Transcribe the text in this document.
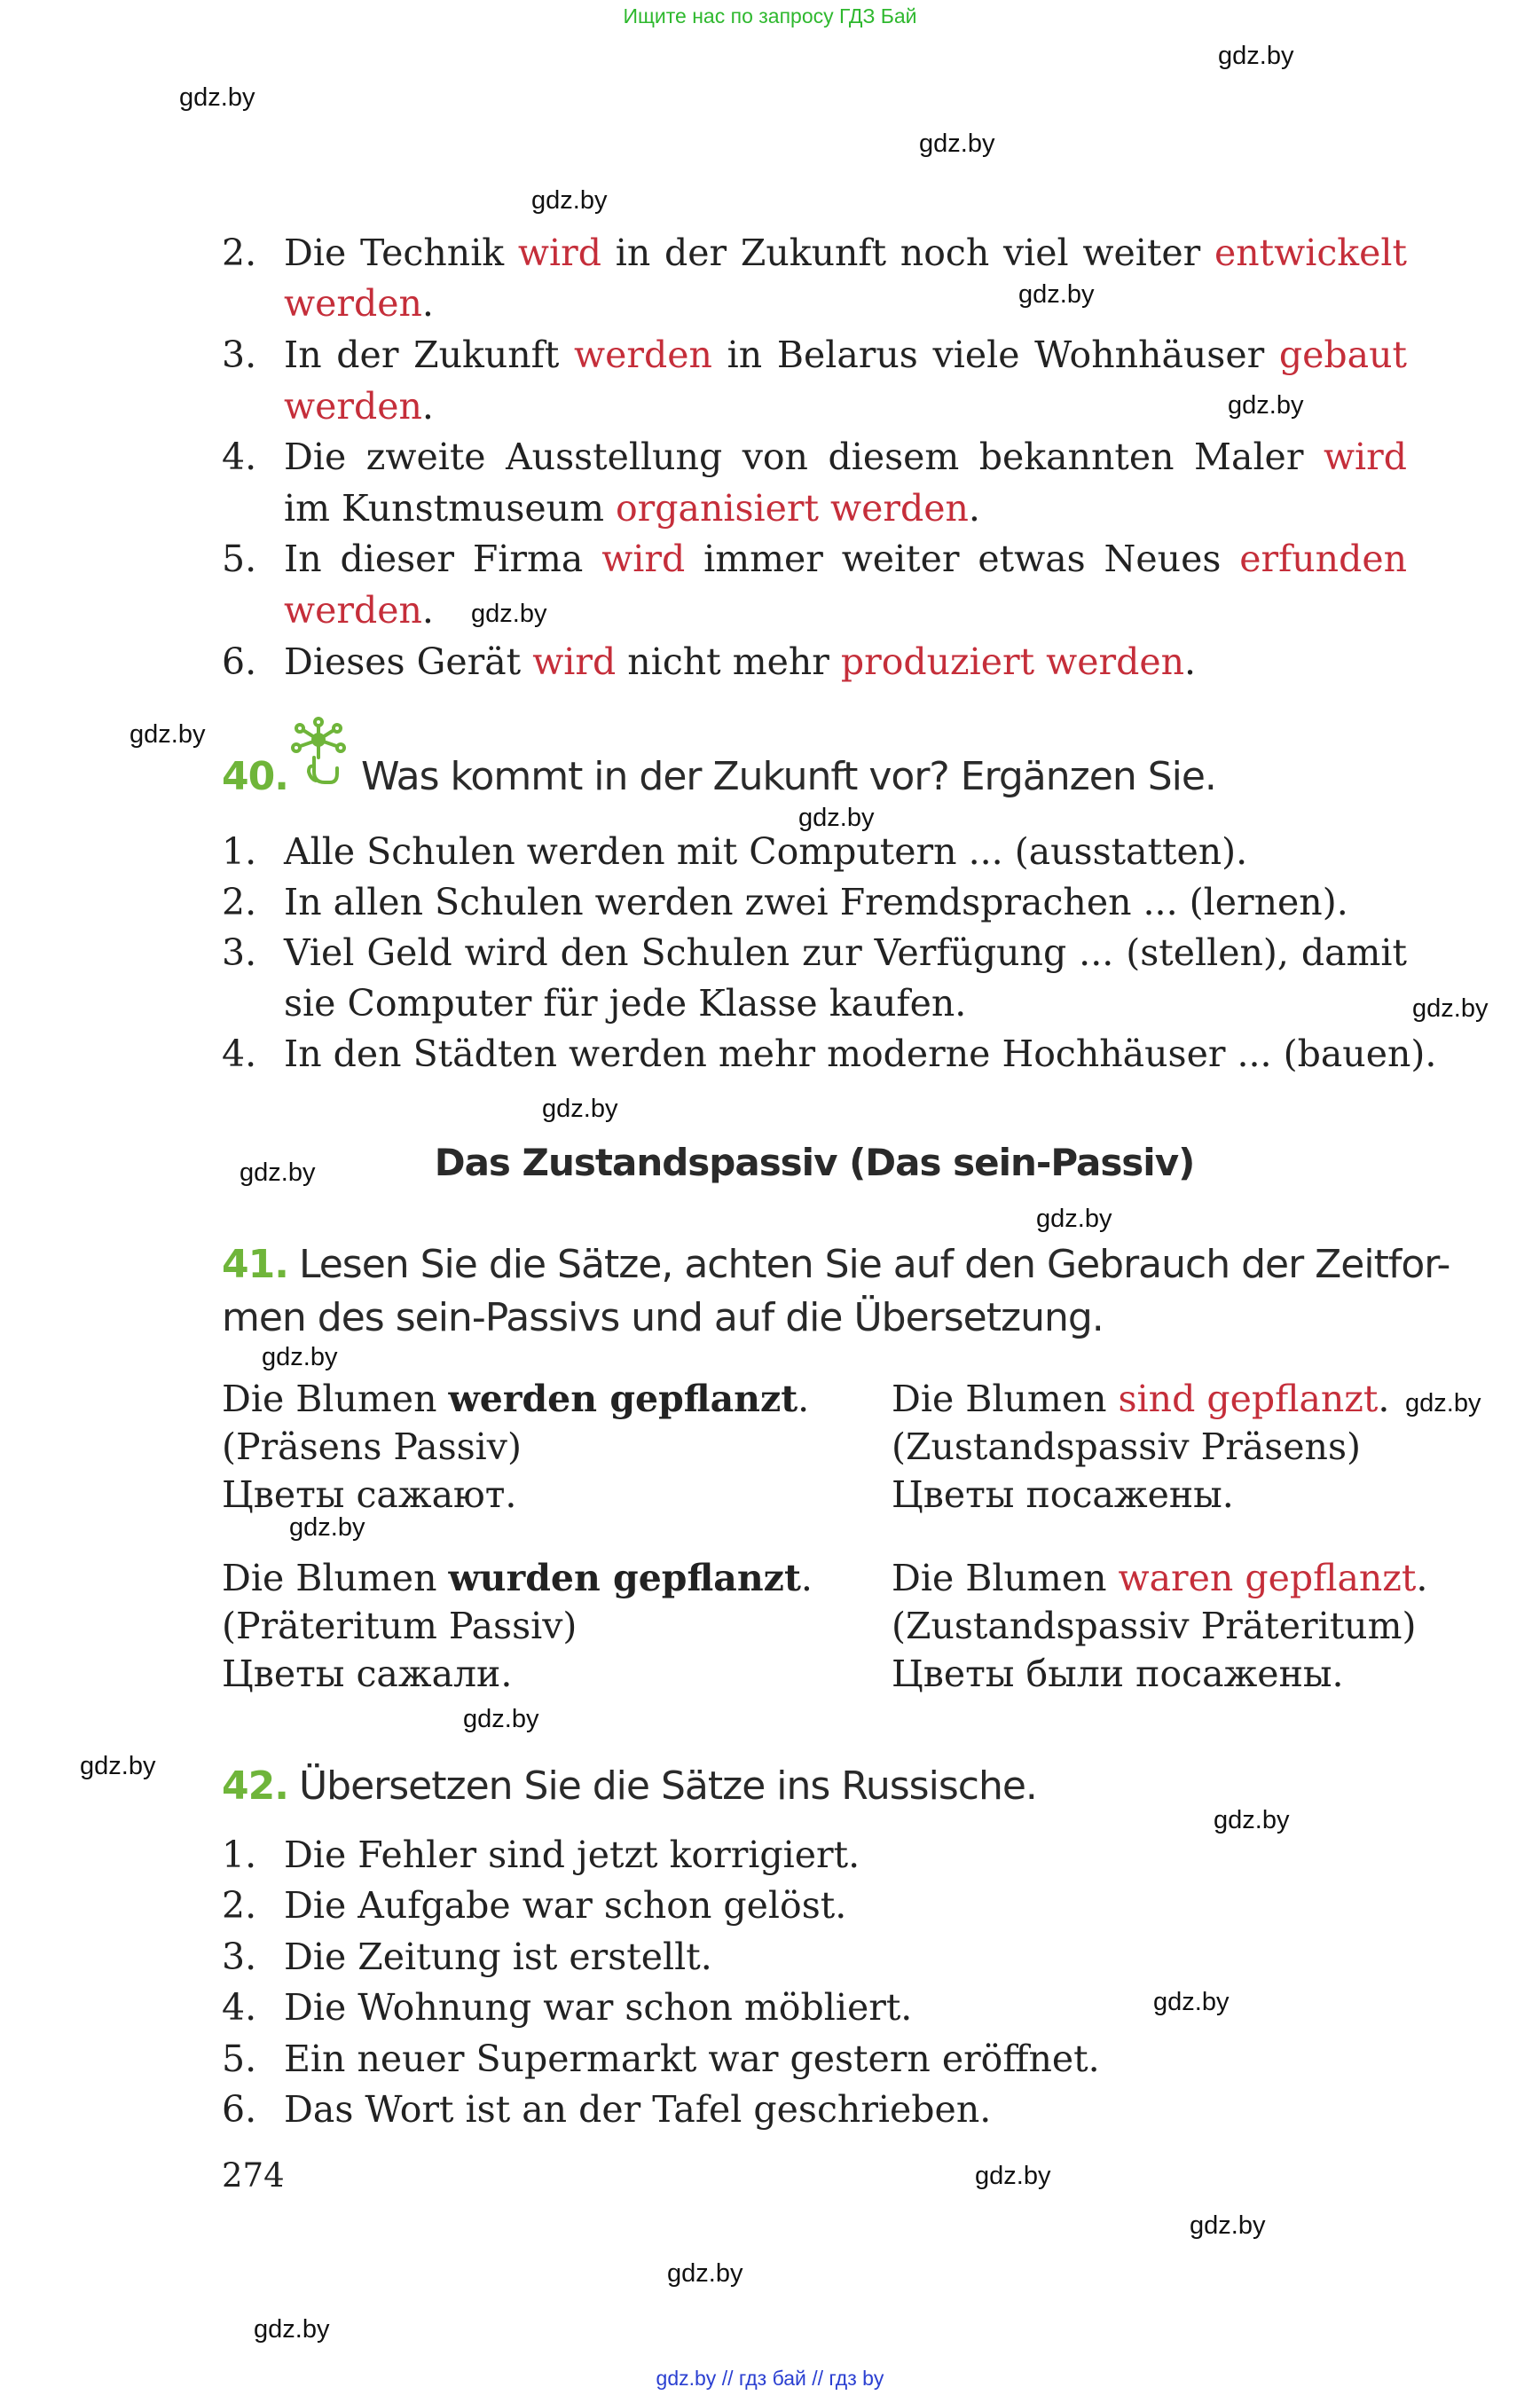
Ищите нас по запросу ГДЗ Бай
gdz.by
gdz.by
gdz.by
gdz.by
gdz.by
gdz.by
gdz.by
gdz.by
gdz.by
gdz.by
gdz.by
gdz.by
gdz.by
gdz.by
gdz.by
gdz.by
gdz.by
gdz.by
gdz.by
gdz.by
gdz.by
gdz.by
gdz.by
gdz.by
2. Die Technik wird in der Zukunft noch viel weiter entwickelt
werden.
3. In der Zukunft werden in Belarus viele Wohnhäuser gebaut
werden.
4. Die zweite Ausstellung von diesem bekannten Maler wird
im Kunstmuseum organisiert werden.
5. In dieser Firma wird immer weiter etwas Neues erfunden
werden.
6. Dieses Gerät wird nicht mehr produziert werden.
40. Was kommt in der Zukunft vor? Ergänzen Sie.
1. Alle Schulen werden mit Computern ... (ausstatten).
2. In allen Schulen werden zwei Fremdsprachen ... (lernen).
3. Viel Geld wird den Schulen zur Verfügung ... (stellen), damit
sie Computer für jede Klasse kaufen.
4. In den Städten werden mehr moderne Hochhäuser ... (bauen).
Das Zustandspassiv (Das sein-Passiv)
41. Lesen Sie die Sätze, achten Sie auf den Gebrauch der Zeitfor-
men des sein-Passivs und auf die Übersetzung.
Die Blumen werden gepflanzt.
(Präsens Passiv)
Цветы сажают.
Die Blumen sind gepflanzt.
(Zustandspassiv Präsens)
Цветы посажены.
Die Blumen wurden gepflanzt.
(Präteritum Passiv)
Цветы сажали.
Die Blumen waren gepflanzt.
(Zustandspassiv Präteritum)
Цветы были посажены.
42. Übersetzen Sie die Sätze ins Russische.
1. Die Fehler sind jetzt korrigiert.
2. Die Aufgabe war schon gelöst.
3. Die Zeitung ist erstellt.
4. Die Wohnung war schon möbliert.
5. Ein neuer Supermarkt war gestern eröffnet.
6. Das Wort ist an der Tafel geschrieben.
274
gdz.by // гдз бай // гдз by
